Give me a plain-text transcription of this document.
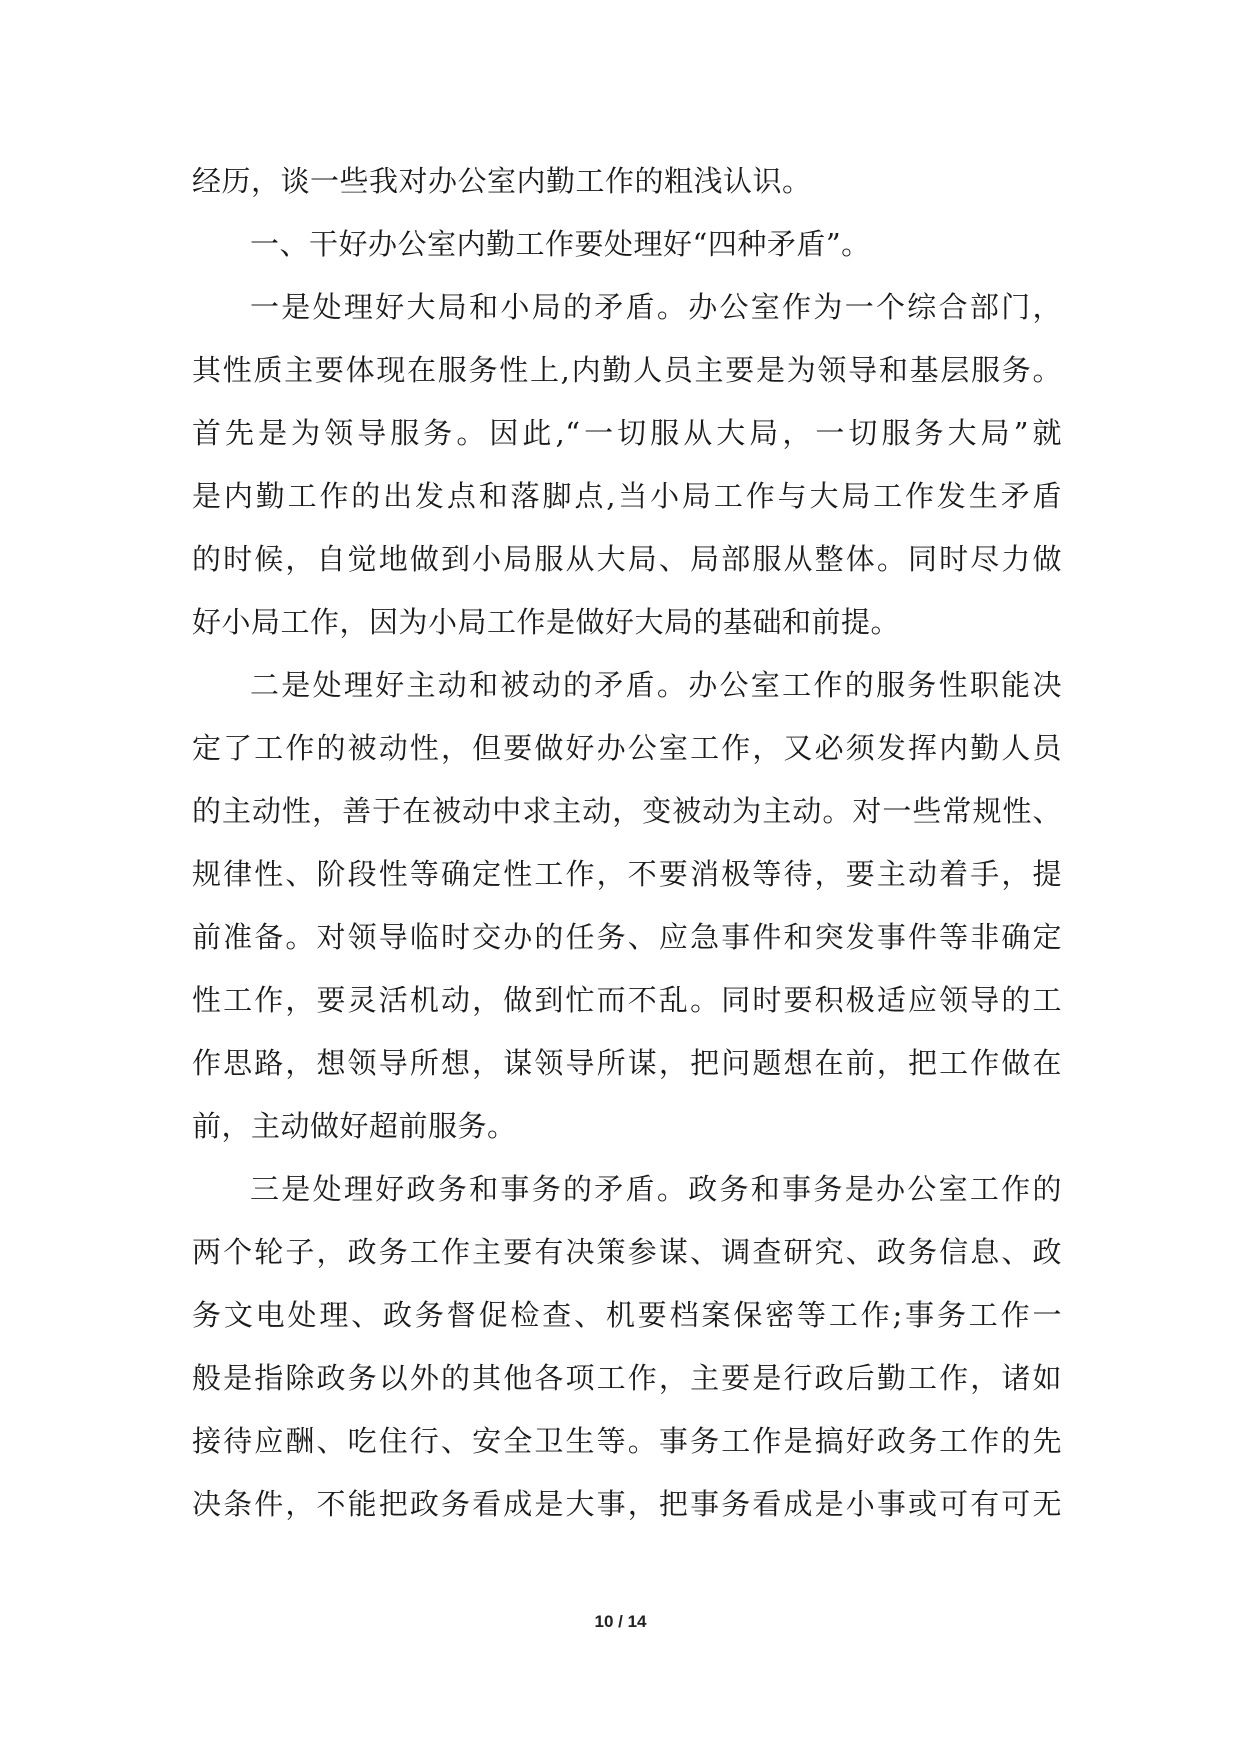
经历，谈一些我对办公室内勤工作的粗浅认识。
一、干好办公室内勤工作要处理好“四种矛盾”。
一是处理好大局和小局的矛盾。办公室作为一个综合部门，
其性质主要体现在服务性上,内勤人员主要是为领导和基层服务。
首先是为领导服务。因此,“一切服从大局，一切服务大局”就
是内勤工作的出发点和落脚点,当小局工作与大局工作发生矛盾
的时候，自觉地做到小局服从大局、局部服从整体。同时尽力做
好小局工作，因为小局工作是做好大局的基础和前提。
二是处理好主动和被动的矛盾。办公室工作的服务性职能决
定了工作的被动性，但要做好办公室工作，又必须发挥内勤人员
的主动性，善于在被动中求主动，变被动为主动。对一些常规性、
规律性、阶段性等确定性工作，不要消极等待，要主动着手，提
前准备。对领导临时交办的任务、应急事件和突发事件等非确定
性工作，要灵活机动，做到忙而不乱。同时要积极适应领导的工
作思路，想领导所想，谋领导所谋，把问题想在前，把工作做在
前，主动做好超前服务。
三是处理好政务和事务的矛盾。政务和事务是办公室工作的
两个轮子，政务工作主要有决策参谋、调查研究、政务信息、政
务文电处理、政务督促检查、机要档案保密等工作;事务工作一
般是指除政务以外的其他各项工作，主要是行政后勤工作，诸如
接待应酬、吃住行、安全卫生等。事务工作是搞好政务工作的先
决条件，不能把政务看成是大事，把事务看成是小事或可有可无
10 / 14
